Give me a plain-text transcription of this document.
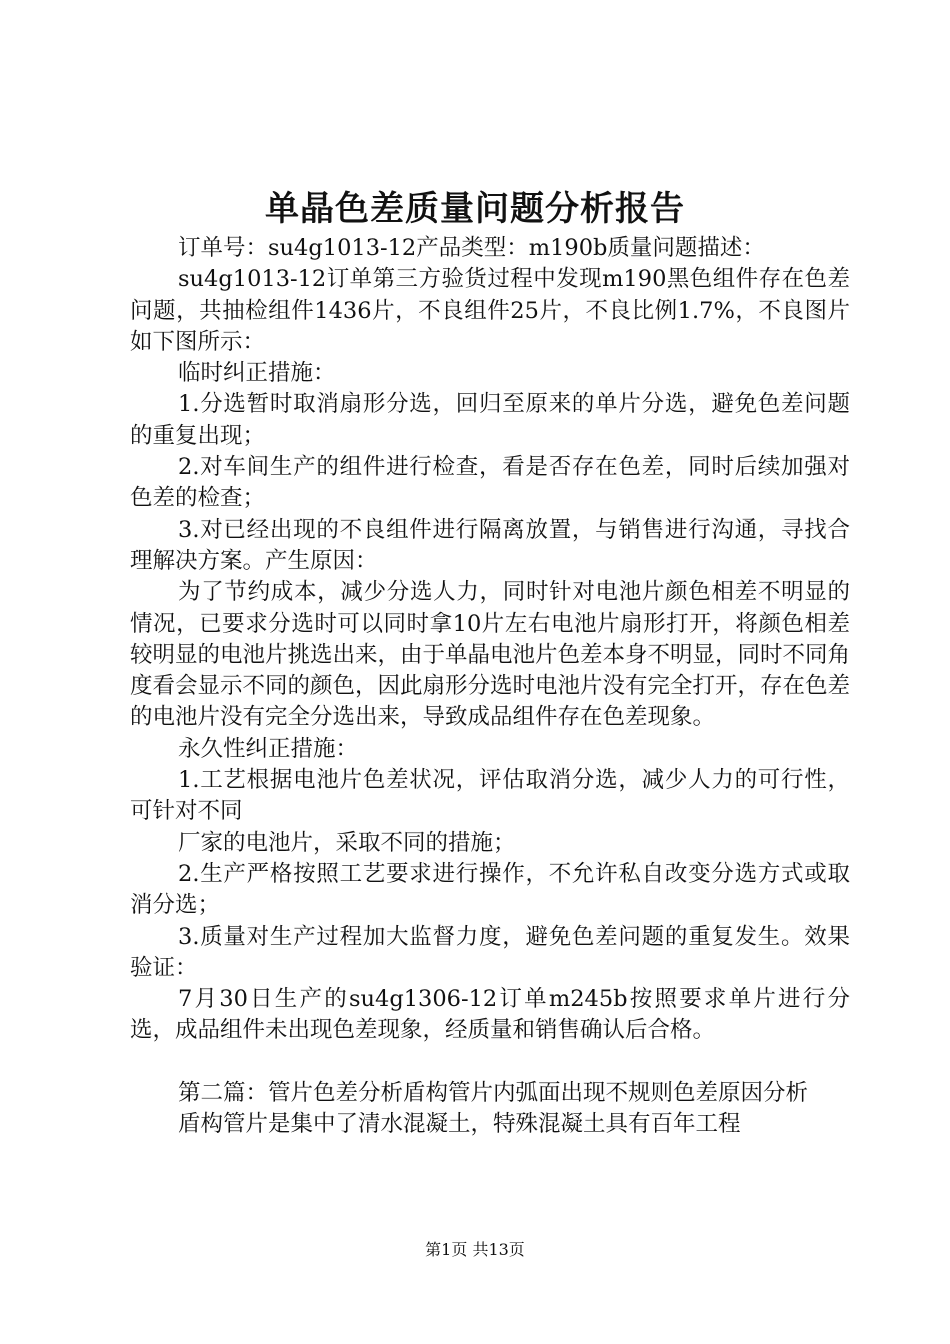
单晶色差质量问题分析报告

订单号：su4g1013-12产品类型：m190b质量问题描述：

su4g1013-12订单第三方验货过程中发现m190黑色组件存在色差问题，共抽检组件1436片，不良组件25片，不良比例1.7%，不良图片如下图所示：

临时纠正措施：

1.分选暂时取消扇形分选，回归至原来的单片分选，避免色差问题的重复出现；

2.对车间生产的组件进行检查，看是否存在色差，同时后续加强对色差的检查；

3.对已经出现的不良组件进行隔离放置，与销售进行沟通，寻找合理解决方案。产生原因：

为了节约成本，减少分选人力，同时针对电池片颜色相差不明显的情况，已要求分选时可以同时拿10片左右电池片扇形打开，将颜色相差较明显的电池片挑选出来，由于单晶电池片色差本身不明显，同时不同角度看会显示不同的颜色，因此扇形分选时电池片没有完全打开，存在色差的电池片没有完全分选出来，导致成品组件存在色差现象。

永久性纠正措施：

1.工艺根据电池片色差状况，评估取消分选，减少人力的可行性，可针对不同

厂家的电池片，采取不同的措施；

2.生产严格按照工艺要求进行操作，不允许私自改变分选方式或取消分选；

3.质量对生产过程加大监督力度，避免色差问题的重复发生。效果验证：

7月30日生产的su4g1306-12订单m245b按照要求单片进行分选，成品组件未出现色差现象，经质量和销售确认后合格。

第二篇：管片色差分析盾构管片内弧面出现不规则色差原因分析

盾构管片是集中了清水混凝土，特殊混凝土具有百年工程

第1页 共13页
